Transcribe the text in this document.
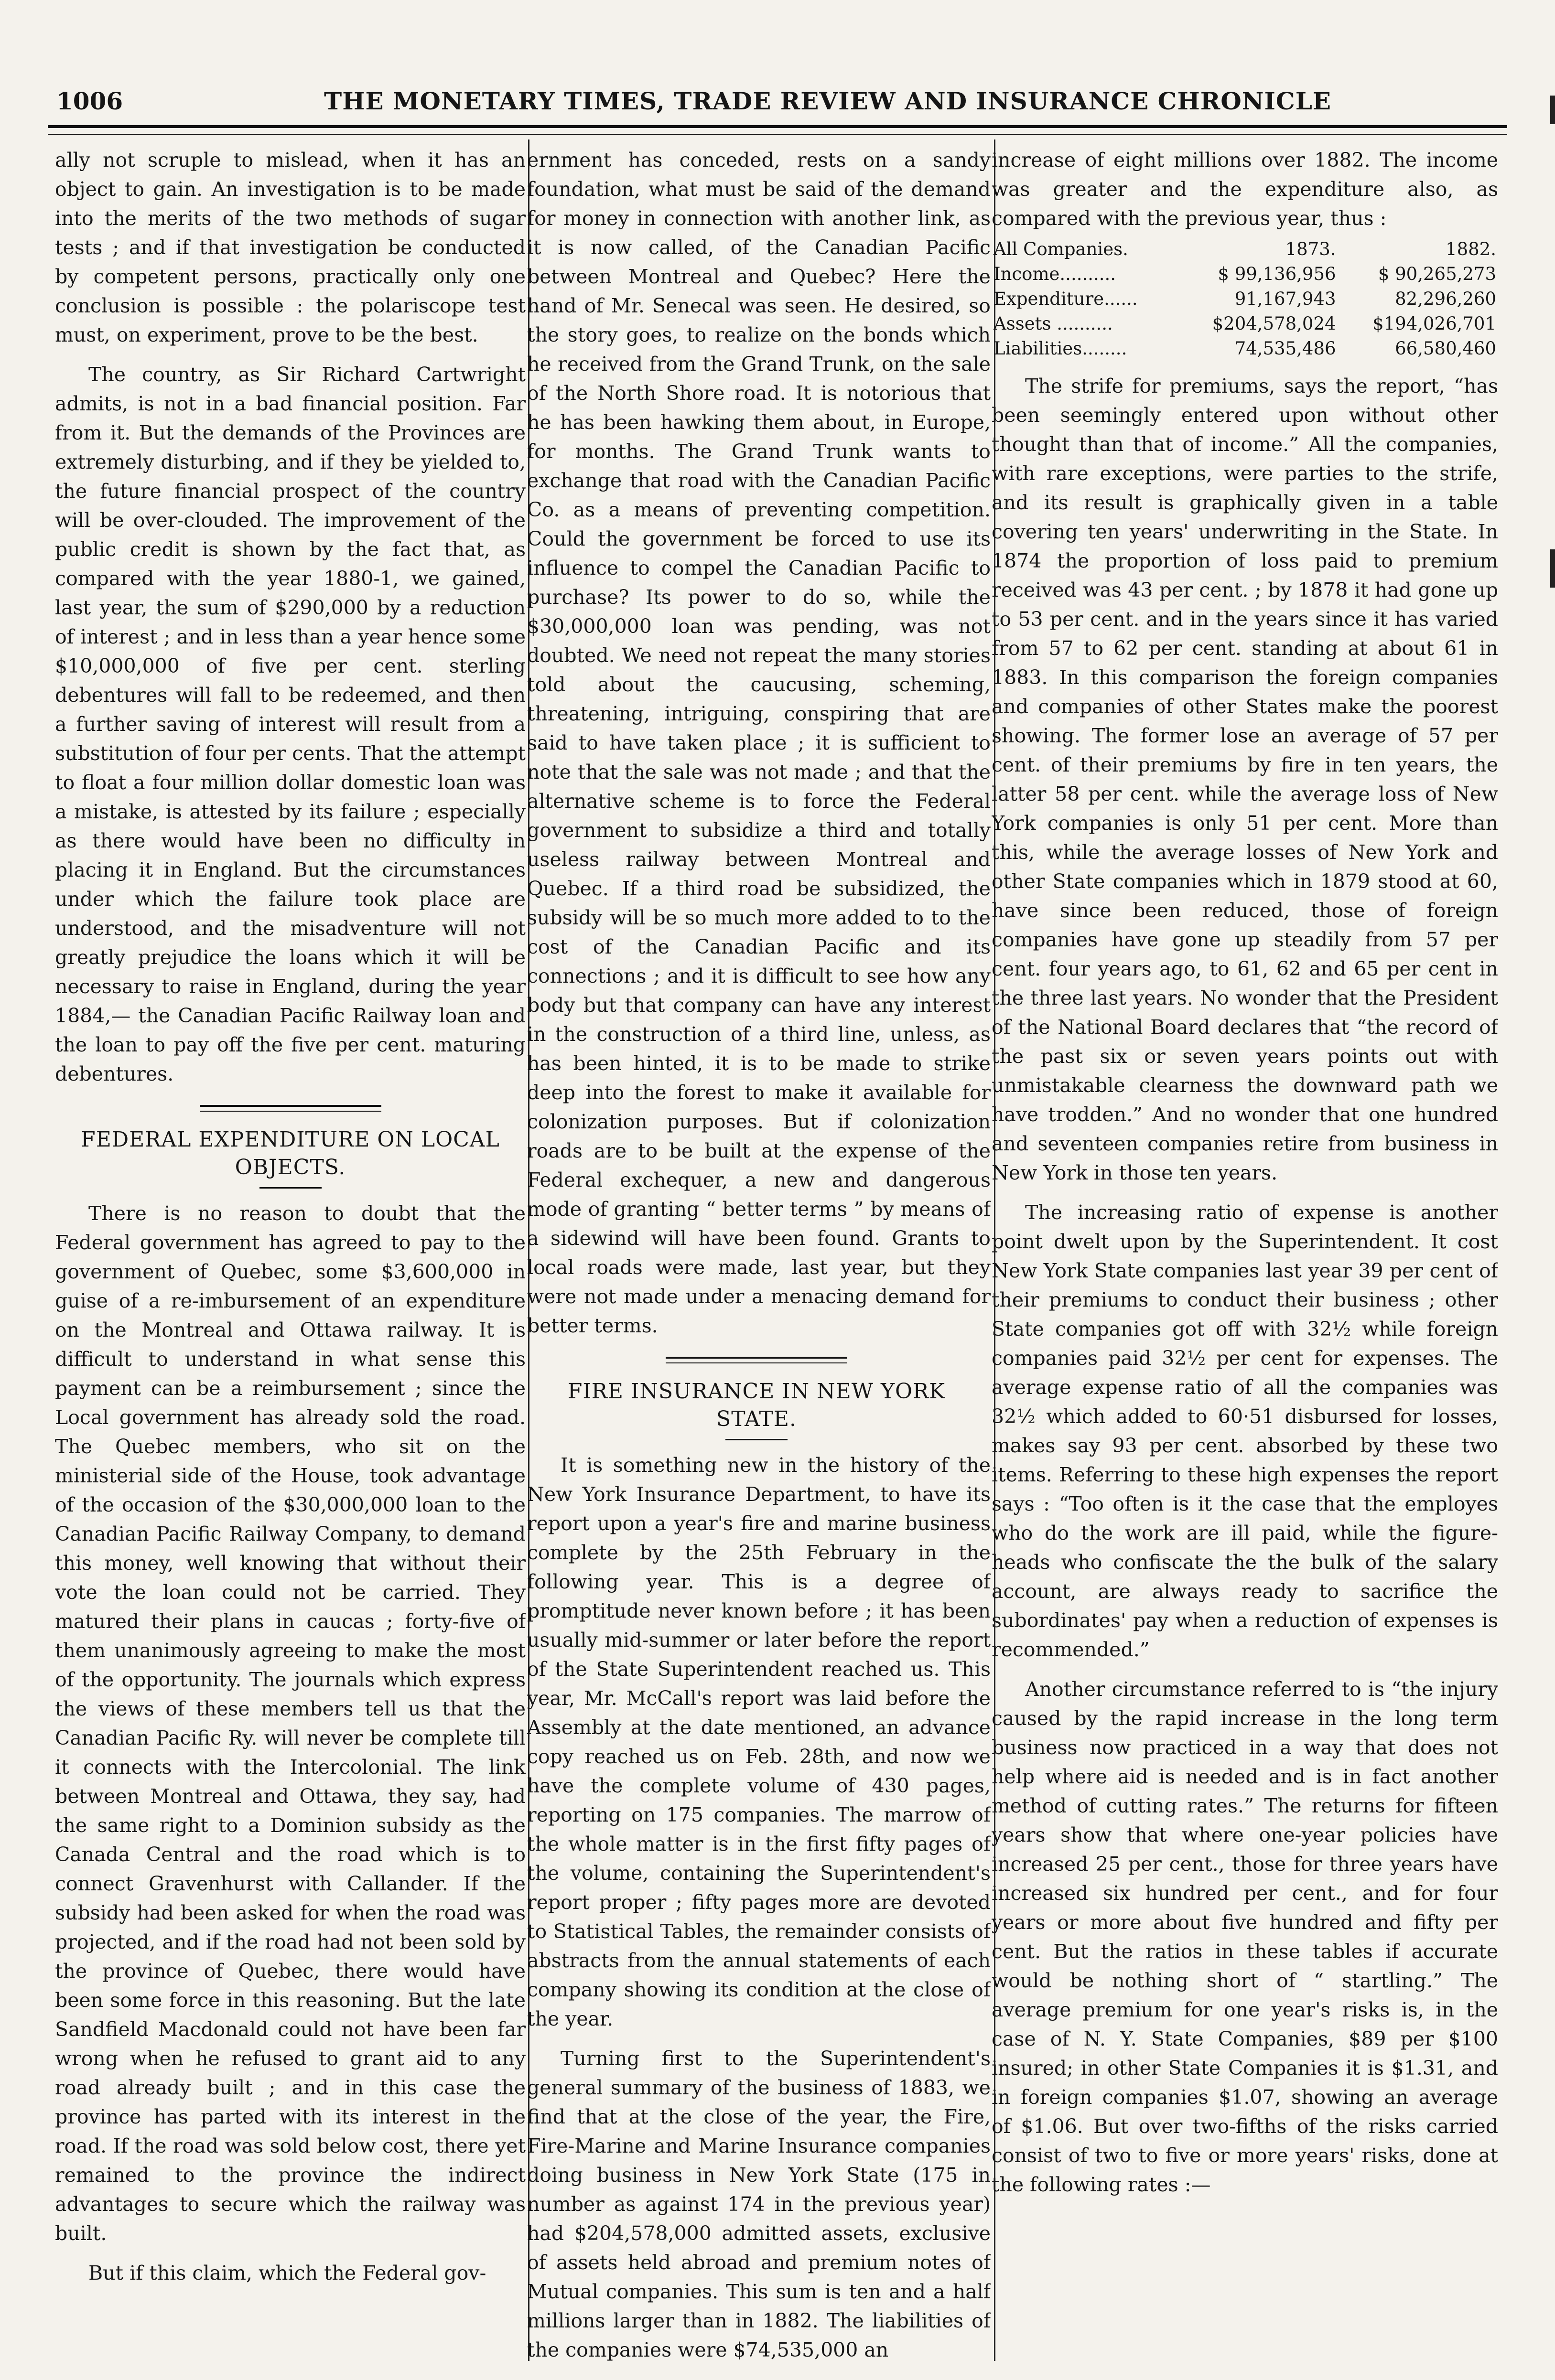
1006	THE MONETARY TIMES, TRADE REVIEW AND INSURANCE CHRONICLE

ally not scruple to mislead, when it has an object to gain. An investigation is to be made into the merits of the two methods of sugar tests ; and if that investigation be conducted by competent persons, practically only one conclusion is possible : the polariscope test must, on experiment, prove to be the best.

The country, as Sir Richard Cartwright admits, is not in a bad financial position. Far from it. But the demands of the Provinces are extremely disturbing, and if they be yielded to, the future financial prospect of the country will be over-clouded. The improvement of the public credit is shown by the fact that, as compared with the year 1880-1, we gained, last year, the sum of $290,000 by a reduction of interest ; and in less than a year hence some $10,000,000 of five per cent. sterling debentures will fall to be redeemed, and then a further saving of interest will result from a substitution of four per cents. That the attempt to float a four million dollar domestic loan was a mistake, is attested by its failure ; especially as there would have been no difficulty in placing it in England. But the circumstances under which the failure took place are understood, and the misadventure will not greatly prejudice the loans which it will be necessary to raise in England, during the year 1884,— the Canadian Pacific Railway loan and the loan to pay off the five per cent. maturing debentures.

FEDERAL EXPENDITURE ON LOCAL OBJECTS.

There is no reason to doubt that the Federal government has agreed to pay to the government of Quebec, some $3,600,000 in guise of a re-imbursement of an expenditure on the Montreal and Ottawa railway. It is difficult to understand in what sense this payment can be a reimbursement ; since the Local government has already sold the road. The Quebec members, who sit on the ministerial side of the House, took advantage of the occasion of the $30,000,000 loan to the Canadian Pacific Railway Company, to demand this money, well knowing that without their vote the loan could not be carried. They matured their plans in caucas ; forty-five of them unanimously agreeing to make the most of the opportunity. The journals which express the views of these members tell us that the Canadian Pacific Ry. will never be complete till it connects with the Intercolonial. The link between Montreal and Ottawa, they say, had the same right to a Dominion subsidy as the Canada Central and the road which is to connect Gravenhurst with Callander. If the subsidy had been asked for when the road was projected, and if the road had not been sold by the province of Quebec, there would have been some force in this reasoning. But the late Sandfield Macdonald could not have been far wrong when he refused to grant aid to any road already built ; and in this case the province has parted with its interest in the road. If the road was sold below cost, there yet remained to the province the indirect advantages to secure which the railway was built.

But if this claim, which the Federal gov-

ernment has conceded, rests on a sandy foundation, what must be said of the demand for money in connection with another link, as it is now called, of the Canadian Pacific between Montreal and Quebec? Here the hand of Mr. Senecal was seen. He desired, so the story goes, to realize on the bonds which he received from the Grand Trunk, on the sale of the North Shore road. It is notorious that he has been hawking them about, in Europe, for months. The Grand Trunk wants to exchange that road with the Canadian Pacific Co. as a means of preventing competition. Could the government be forced to use its influence to compel the Canadian Pacific to purchase? Its power to do so, while the $30,000,000 loan was pending, was not doubted. We need not repeat the many stories told about the caucusing, scheming, threatening, intriguing, conspiring that are said to have taken place ; it is sufficient to note that the sale was not made ; and that the alternative scheme is to force the Federal government to subsidize a third and totally useless railway between Montreal and Quebec. If a third road be subsidized, the subsidy will be so much more added to to the cost of the Canadian Pacific and its connections ; and it is difficult to see how any body but that company can have any interest in the construction of a third line, unless, as has been hinted, it is to be made to strike deep into the forest to make it available for colonization purposes. But if colonization roads are to be built at the expense of the Federal exchequer, a new and dangerous mode of granting “ better terms ” by means of a sidewind will have been found. Grants to local roads were made, last year, but they were not made under a menacing demand for better terms.

FIRE INSURANCE IN NEW YORK STATE.

It is something new in the history of the New York Insurance Department, to have its report upon a year's fire and marine business complete by the 25th February in the following year. This is a degree of promptitude never known before ; it has been usually mid-summer or later before the report of the State Superintendent reached us. This year, Mr. McCall's report was laid before the Assembly at the date mentioned, an advance copy reached us on Feb. 28th, and now we have the complete volume of 430 pages, reporting on 175 companies. The marrow of the whole matter is in the first fifty pages of the volume, containing the Superintendent's report proper ; fifty pages more are devoted to Statistical Tables, the remainder consists of abstracts from the annual statements of each company showing its condition at the close of the year.

Turning first to the Superintendent's general summary of the business of 1883, we find that at the close of the year, the Fire, Fire-Marine and Marine Insurance companies doing business in New York State (175 in number as against 174 in the previous year) had $204,578,000 admitted assets, exclusive of assets held abroad and premium notes of Mutual companies. This sum is ten and a half millions larger than in 1882. The liabilities of the companies were $74,535,000 an

increase of eight millions over 1882. The income was greater and the expenditure also, as compared with the previous year, thus :

All Companies.	1873.	1882.
Income..........	$ 99,136,956	$ 90,265,273
Expenditure......	91,167,943	82,296,260
Assets ..........	$204,578,024	$194,026,701
Liabilities........	74,535,486	66,580,460

The strife for premiums, says the report, “has been seemingly entered upon without other thought than that of income.” All the companies, with rare exceptions, were parties to the strife, and its result is graphically given in a table covering ten years' underwriting in the State. In 1874 the proportion of loss paid to premium received was 43 per cent. ; by 1878 it had gone up to 53 per cent. and in the years since it has varied from 57 to 62 per cent. standing at about 61 in 1883. In this comparison the foreign companies and companies of other States make the poorest showing. The former lose an average of 57 per cent. of their premiums by fire in ten years, the latter 58 per cent. while the average loss of New York companies is only 51 per cent. More than this, while the average losses of New York and other State companies which in 1879 stood at 60, have since been reduced, those of foreign companies have gone up steadily from 57 per cent. four years ago, to 61, 62 and 65 per cent in the three last years. No wonder that the President of the National Board declares that “the record of the past six or seven years points out with unmistakable clearness the downward path we have trodden.” And no wonder that one hundred and seventeen companies retire from business in New York in those ten years.

The increasing ratio of expense is another point dwelt upon by the Superintendent. It cost New York State companies last year 39 per cent of their premiums to conduct their business ; other State companies got off with 32½ while foreign companies paid 32½ per cent for expenses. The average expense ratio of all the companies was 32½ which added to 60·51 disbursed for losses, makes say 93 per cent. absorbed by these two items. Referring to these high expenses the report says : “Too often is it the case that the employes who do the work are ill paid, while the figure-heads who confiscate the the bulk of the salary account, are always ready to sacrifice the subordinates' pay when a reduction of expenses is recommended.”

Another circumstance referred to is “the injury caused by the rapid increase in the long term business now practiced in a way that does not help where aid is needed and is in fact another method of cutting rates.” The returns for fifteen years show that where one-year policies have increased 25 per cent., those for three years have increased six hundred per cent., and for four years or more about five hundred and fifty per cent. But the ratios in these tables if accurate would be nothing short of “ startling.” The average premium for one year's risks is, in the case of N. Y. State Companies, $89 per $100 insured; in other State Companies it is $1.31, and in foreign companies $1.07, showing an average of $1.06. But over two-fifths of the risks carried consist of two to five or more years' risks, done at the following rates :—
